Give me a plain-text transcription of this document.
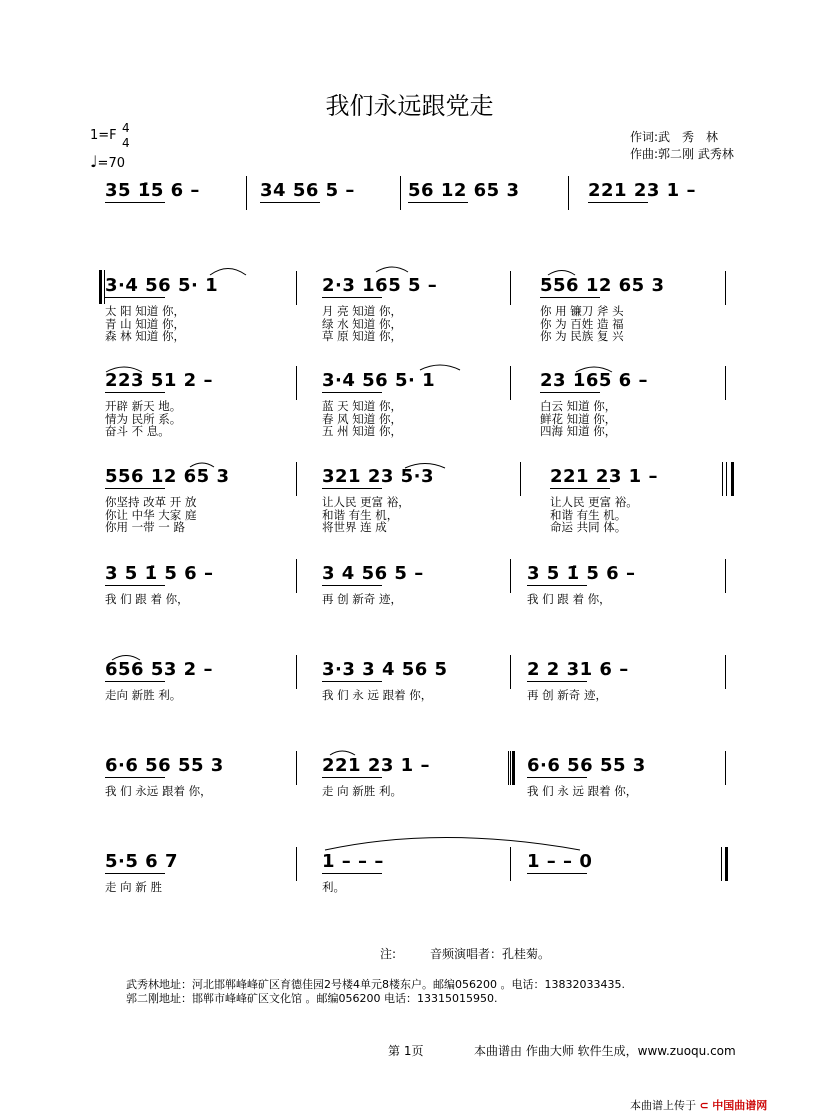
我们永远跟党走
1=F 4
4
♩=70
作词:武　秀　林
作曲:郭二刚 武秀林
35 1̇5 6 –	34 56 5 –	56 12 65 3	221 23 1 –
3·4 56 5· 1
太 阳 知道 你，
青 山 知道 你，
森 林 知道 你，
2·3 165 5 –
月 亮 知道 你，
绿 水 知道 你，
草 原 知道 你，
556 12 65 3
你 用 镰刀 斧 头
你 为 百姓 造 福
你 为 民族 复 兴
223 51 2 –
开辟 新天 地。
情为 民所 系。
奋斗 不 息。
3·4 56 5· 1
蓝 天 知道 你，
春 风 知道 你，
五 州 知道 你，
23 165 6 –
白云 知道 你，
鲜花 知道 你，
四海 知道 你，
556 12 65 3
你坚持 改革 开 放
你让 中华 大家 庭
你用 一带 一 路
321 23 5·3
让人民 更富 裕，
和谐 有生 机，
将世界 连 成
221 23 1 –
让人民 更富 裕。
和谐 有生 机。
命运 共同 体。
3 5 1̇ 5 6 –
我 们 跟 着 你，
3 4 56 5 –
再 创 新奇 迹，
3 5 1̇ 5 6 –
我 们 跟 着 你，
656 53 2 –
走向 新胜 利。
3·3 3 4 56 5
我 们 永 远 跟着 你，
2 2 31 6 –
再 创 新奇 迹，
6·6 56 55 3
我 们 永远 跟着 你，
221 23 1 –
走 向 新胜 利。
6·6 56 55 3
我 们 永 远 跟着 你，
5·5 6 7
走 向 新 胜
1 – – –
利。
1 – – 0
注:	音频演唱者：孔桂菊。
武秀林地址：河北邯郸峰峰矿区育德佳园2号楼4单元8楼东户。邮编056200 。电话：13832033435.
郭二刚地址：邯郸市峰峰矿区文化馆 。邮编056200 电话：13315015950.
第 1页	本曲谱由 作曲大师 软件生成，www.zuoqu.com
本曲谱上传于 ⊂ 中国曲谱网
